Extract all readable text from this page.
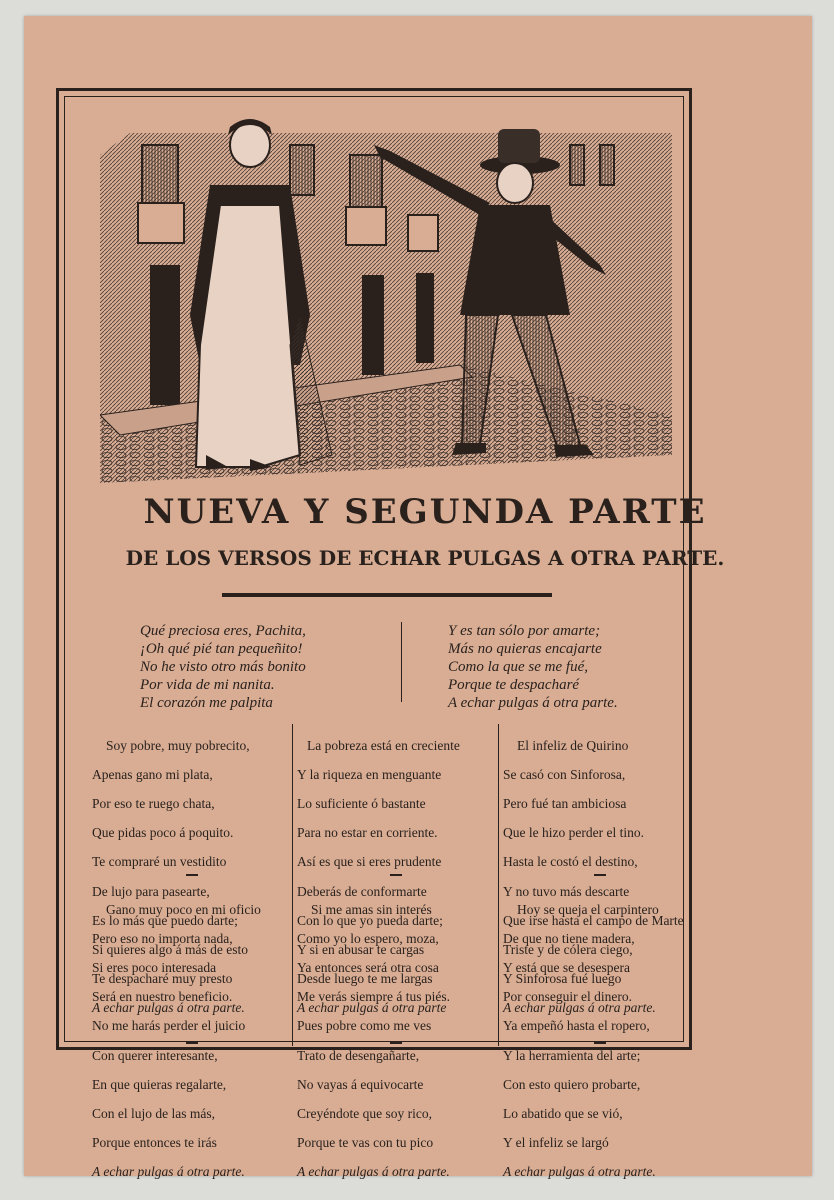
NUEVA Y SEGUNDA PARTE
DE LOS VERSOS DE ECHAR PULGAS A OTRA PARTE.

Qué preciosa eres, Pachita,
¡Oh qué pié tan pequeñito!
No he visto otro más bonito
Por vida de mi nanita.
El corazón me palpita

Y es tan sólo por amarte;
Más no quieras encajarte
Como la que se me fué,
Porque te despacharé
A echar pulgas á otra parte.

Soy pobre, muy pobrecito,

Apenas gano mi plata,

Por eso te ruego chata,

Que pidas poco á poquito.

Te compraré un vestidito

De lujo para pasearte,

Es lo más que puedo darte;

Si quieres algo á más de esto

Te despacharé muy presto

A echar pulgas á otra parte.

La pobreza está en creciente

Y la riqueza en menguante

Lo suficiente ó bastante

Para no estar en corriente.

Así es que si eres prudente

Deberás de conformarte

Con lo que yo pueda darte;

Y si en abusar te cargas

Desde luego te me largas

A echar pulgas á otra parte

El infeliz de Quirino

Se casó con Sinforosa,

Pero fué tan ambiciosa

Que le hizo perder el tino.

Hasta le costó el destino,

Y no tuvo más descarte

Que irse hasta el campo de Marte

Triste y de cólera ciego,

Y Sinforosa fué luego

A echar pulgas á otra parte.

Gano muy poco en mi oficio

Pero eso no importa nada,

Si eres poco interesada

Será en nuestro beneficio.

No me harás perder el juicio

Con querer interesante,

En que quieras regalarte,

Con el lujo de las más,

Porque entonces te irás

A echar pulgas á otra parte.

Si me amas sin interés

Como yo lo espero, moza,

Ya entonces será otra cosa

Me verás siempre á tus piés.

Pues pobre como me ves

Trato de desengañarte,

No vayas á equivocarte

Creyéndote que soy rico,

Porque te vas con tu pico

A echar pulgas á otra parte.

Hoy se queja el carpintero

De que no tiene madera,

Y está que se desespera

Por conseguir el dinero.

Ya empeñó hasta el ropero,

Y la herramienta del arte;

Con esto quiero probarte,

Lo abatido que se vió,

Y el infeliz se largó

A echar pulgas á otra parte.
